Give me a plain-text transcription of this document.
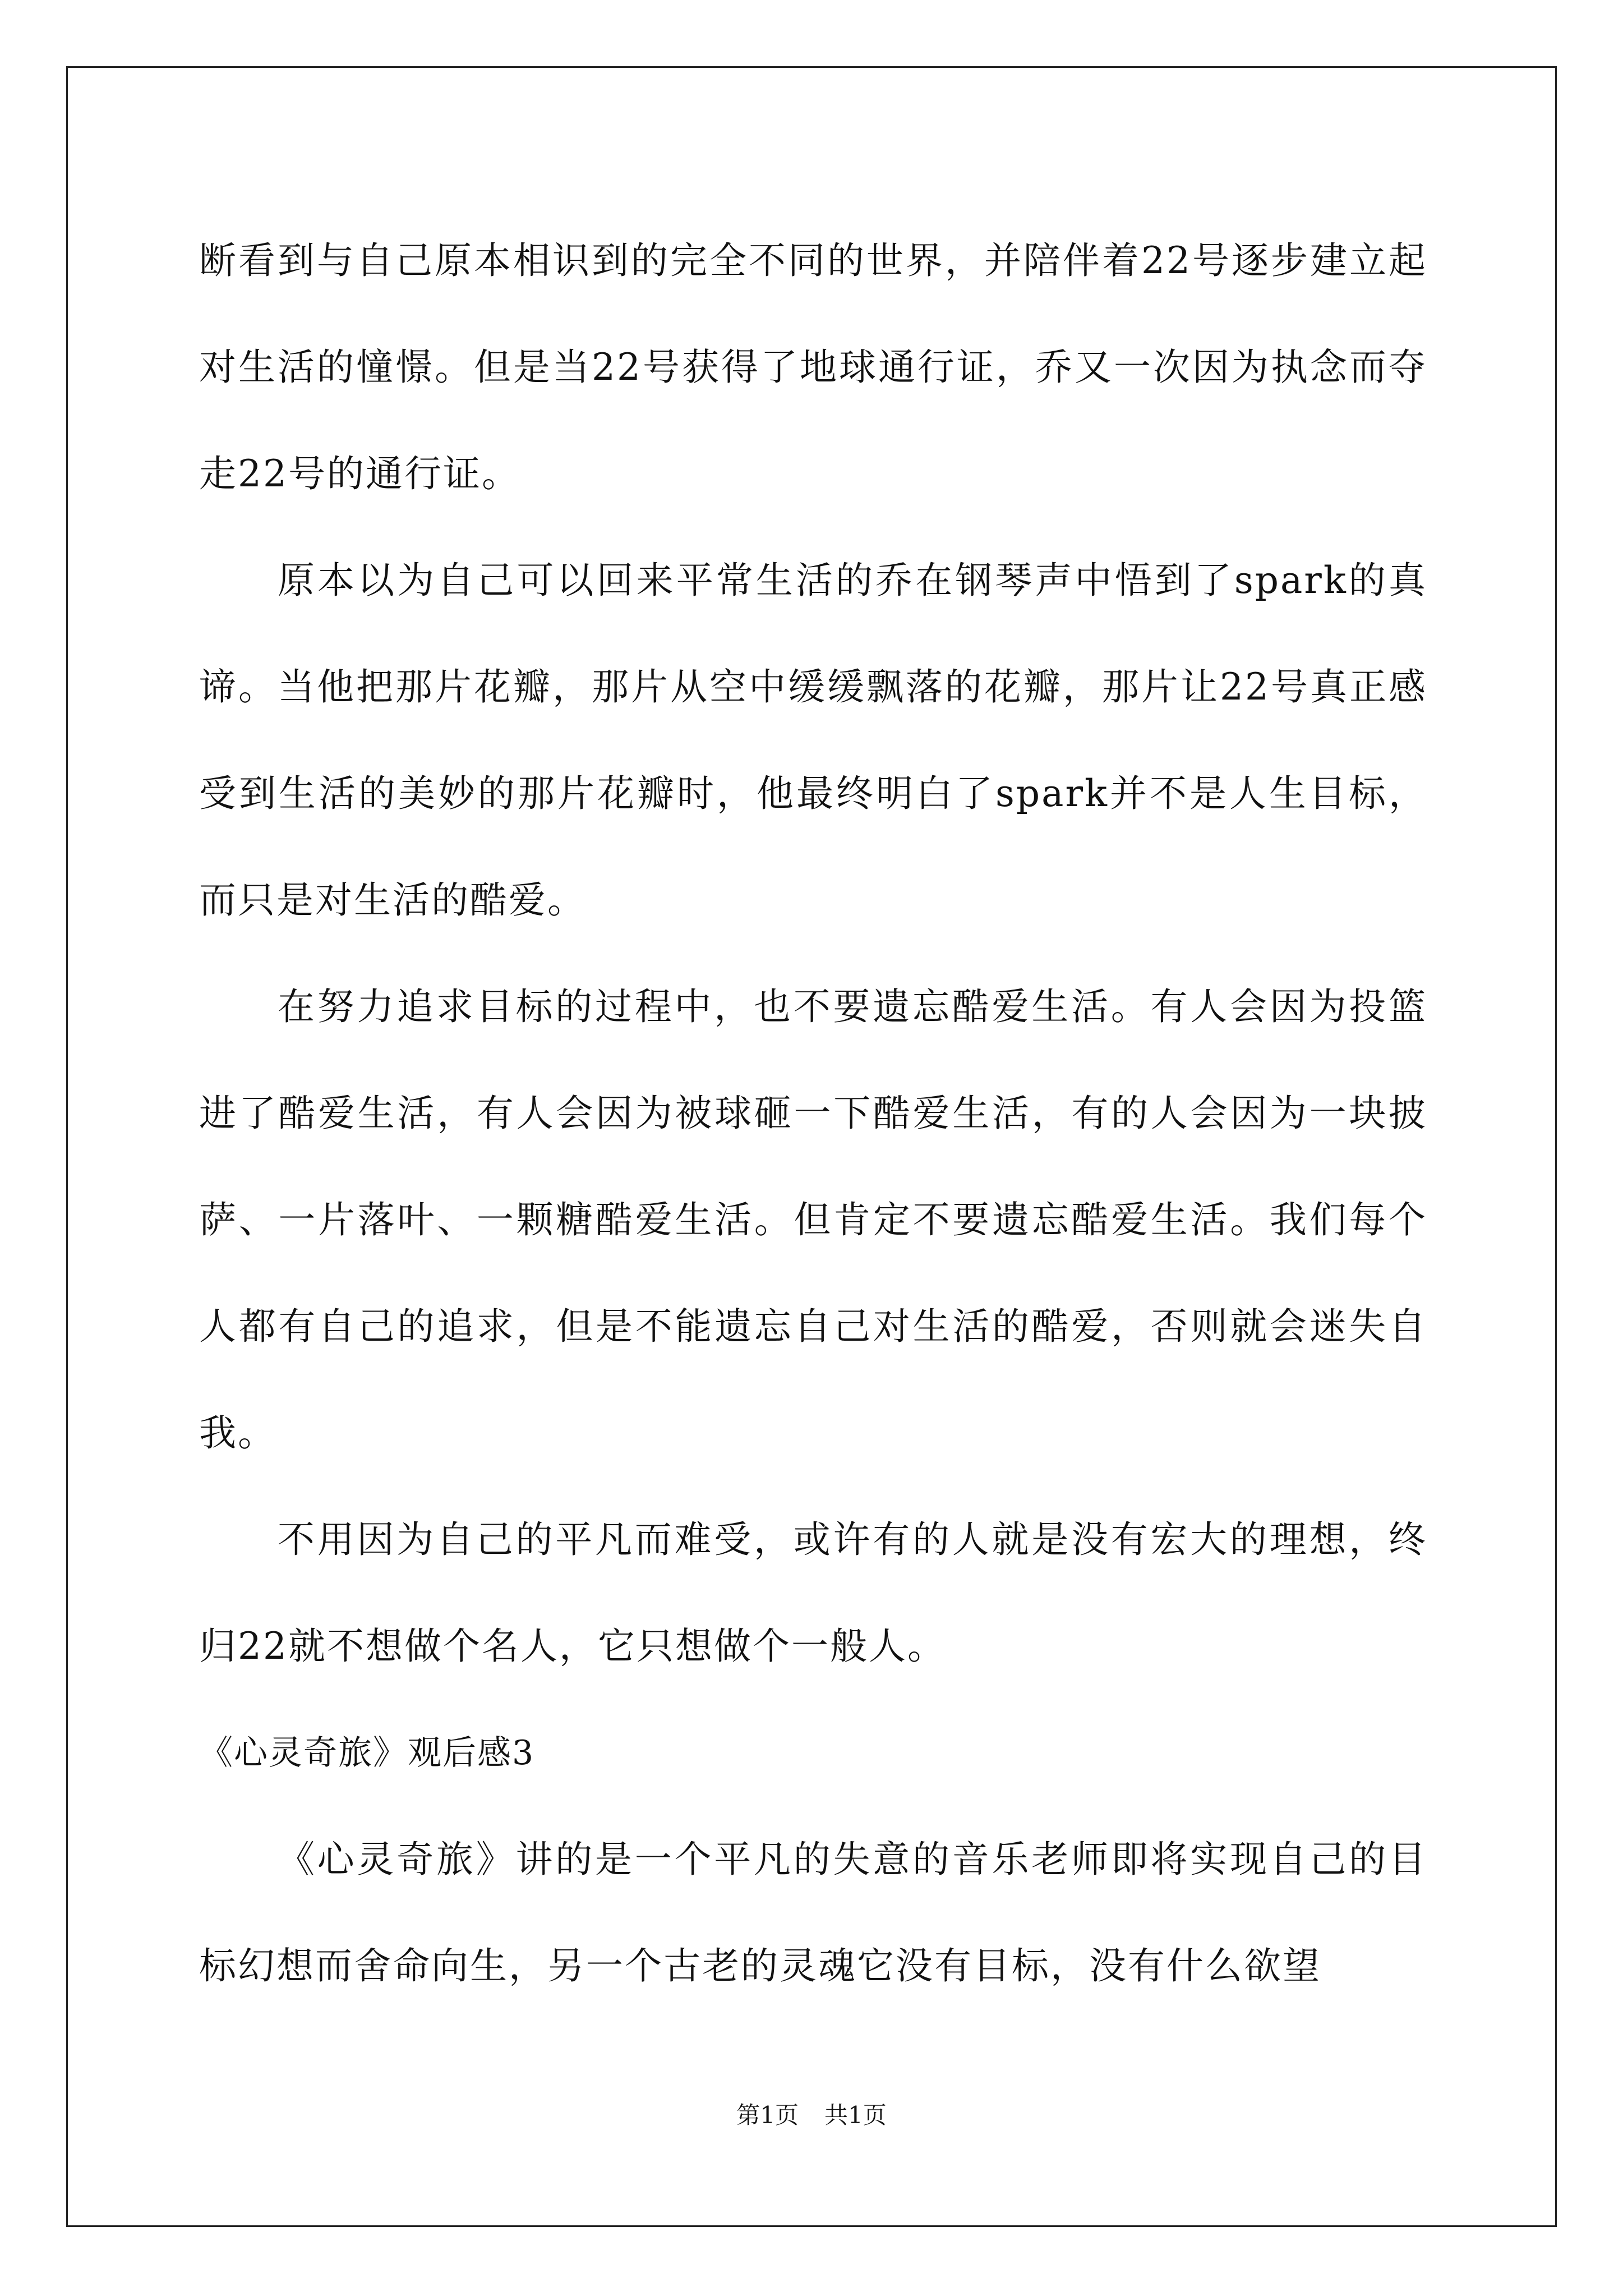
断看到与自己原本相识到的完全不同的世界，并陪伴着22号逐步建立起对生活的憧憬。但是当22号获得了地球通行证，乔又一次因为执念而夺走22号的通行证。

原本以为自己可以回来平常生活的乔在钢琴声中悟到了spark的真谛。当他把那片花瓣，那片从空中缓缓飘落的花瓣，那片让22号真正感受到生活的美妙的那片花瓣时，他最终明白了spark并不是人生目标，而只是对生活的酷爱。

在努力追求目标的过程中，也不要遗忘酷爱生活。有人会因为投篮进了酷爱生活，有人会因为被球砸一下酷爱生活，有的人会因为一块披萨、一片落叶、一颗糖酷爱生活。但肯定不要遗忘酷爱生活。我们每个人都有自己的追求，但是不能遗忘自己对生活的酷爱，否则就会迷失自我。

不用因为自己的平凡而难受，或许有的人就是没有宏大的理想，终归22就不想做个名人，它只想做个一般人。

《心灵奇旅》观后感3

《心灵奇旅》讲的是一个平凡的失意的音乐老师即将实现自己的目标幻想而舍命向生，另一个古老的灵魂它没有目标，没有什么欲望

第1页 共1页
